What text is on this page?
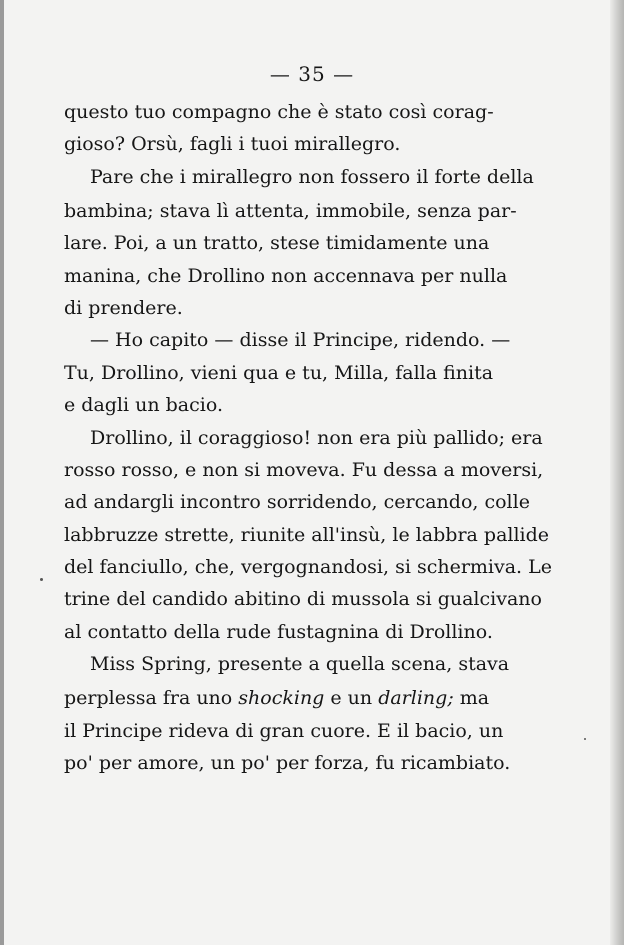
— 35 —
questo tuo compagno che è stato così corag-
gioso? Orsù, fagli i tuoi mirallegro.
Pare che i mirallegro non fossero il forte della
bambina; stava lì attenta, immobile, senza par-
lare. Poi, a un tratto, stese timidamente una
manina, che Drollino non accennava per nulla
di prendere.
— Ho capito — disse il Principe, ridendo. —
Tu, Drollino, vieni qua e tu, Milla, falla finita
e dagli un bacio.
Drollino, il coraggioso! non era più pallido; era
rosso rosso, e non si moveva. Fu dessa a moversi,
ad andargli incontro sorridendo, cercando, colle
labbruzze strette, riunite all'insù, le labbra pallide
del fanciullo, che, vergognandosi, si schermiva. Le
trine del candido abitino di mussola si gualcivano
al contatto della rude fustagnina di Drollino.
Miss Spring, presente a quella scena, stava
perplessa fra uno shocking e un darling; ma
il Principe rideva di gran cuore. E il bacio, un
po' per amore, un po' per forza, fu ricambiato.
